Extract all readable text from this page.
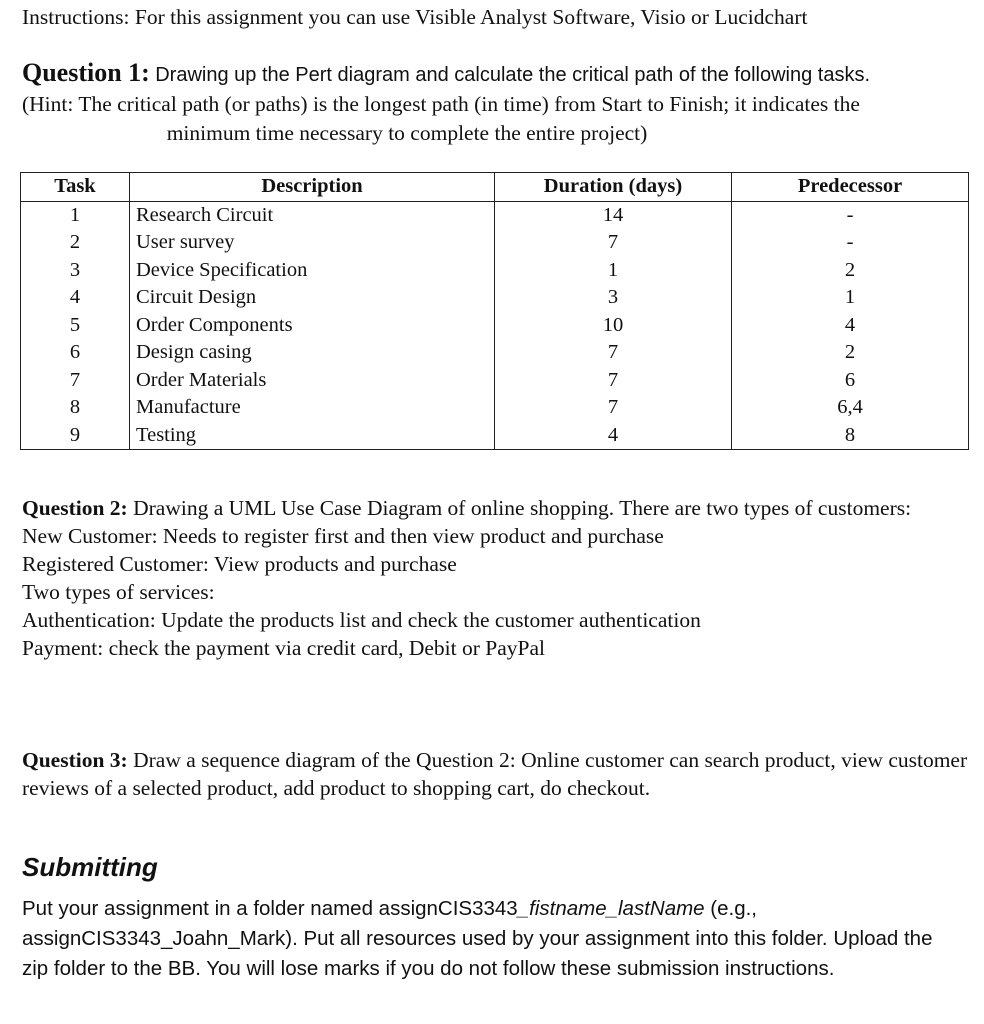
Instructions: For this assignment you can use Visible Analyst Software, Visio or Lucidchart
Question 1: Drawing up the Pert diagram and calculate the critical path of the following tasks.
(Hint: The critical path (or paths) is the longest path (in time) from Start to Finish; it indicates the
minimum time necessary to complete the entire project)
Task	Description	Duration (days)	Predecessor
1	Research Circuit	14	-
2	User survey	7	-
3	Device Specification	1	2
4	Circuit Design	3	1
5	Order Components	10	4
6	Design casing	7	2
7	Order Materials	7	6
8	Manufacture	7	6,4
9	Testing	4	8
Question 2: Drawing a UML Use Case Diagram of online shopping. There are two types of customers:
New Customer: Needs to register first and then view product and purchase
Registered Customer: View products and purchase
Two types of services:
Authentication: Update the products list and check the customer authentication
Payment: check the payment via credit card, Debit or PayPal
Question 3: Draw a sequence diagram of the Question 2: Online customer can search product, view customer reviews of a selected product, add product to shopping cart, do checkout.
Submitting
Put your assignment in a folder named assignCIS3343_fistname_lastName (e.g., assignCIS3343_Joahn_Mark). Put all resources used by your assignment into this folder. Upload the zip folder to the BB. You will lose marks if you do not follow these submission instructions.
